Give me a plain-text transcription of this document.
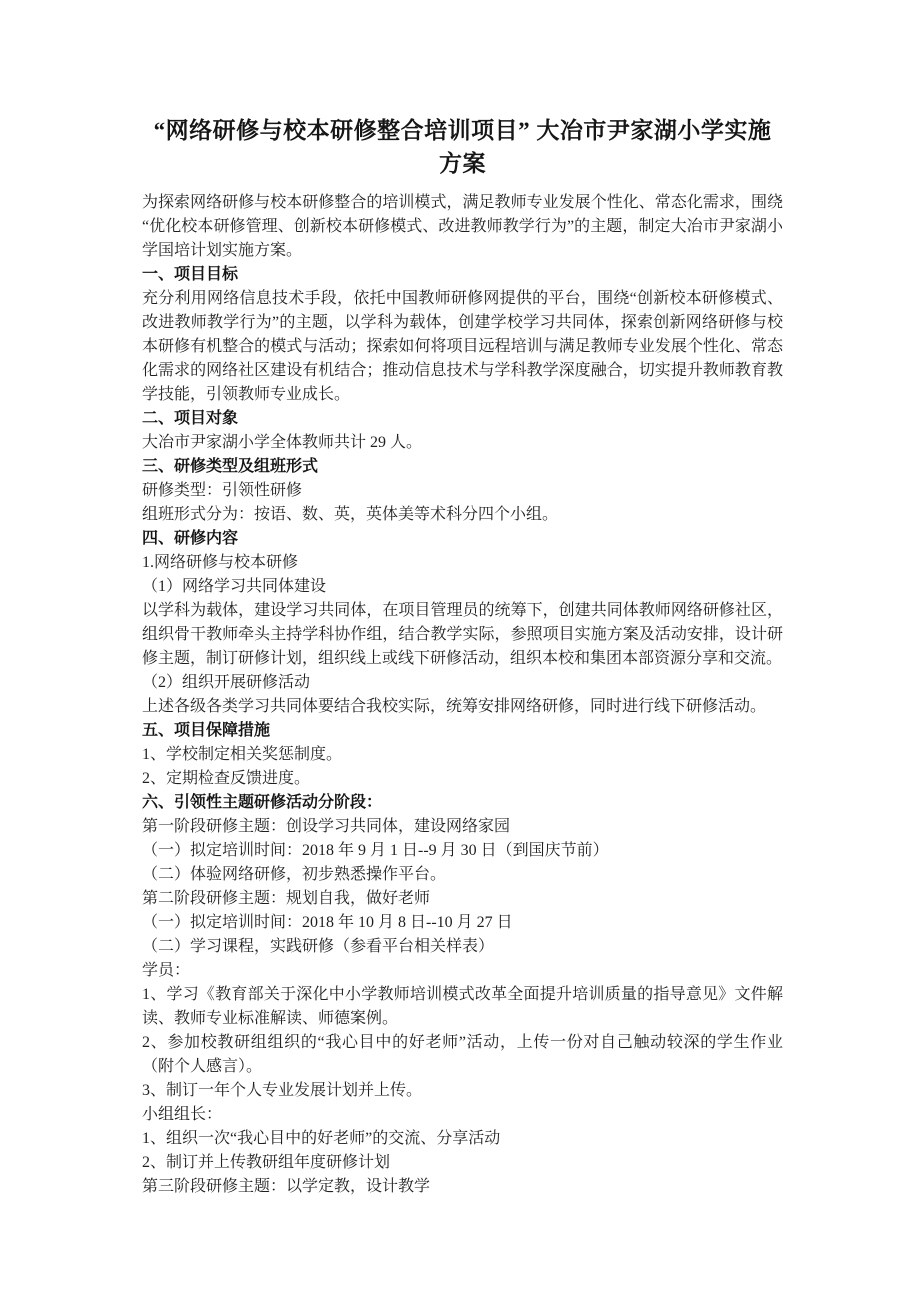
“网络研修与校本研修整合培训项目” 大冶市尹家湖小学实施方案

为探索网络研修与校本研修整合的培训模式，满足教师专业发展个性化、常态化需求，围绕“优化校本研修管理、创新校本研修模式、改进教师教学行为”的主题，制定大冶市尹家湖小学国培计划实施方案。

一、项目目标

充分利用网络信息技术手段，依托中国教师研修网提供的平台，围绕“创新校本研修模式、改进教师教学行为”的主题，以学科为载体，创建学校学习共同体，探索创新网络研修与校本研修有机整合的模式与活动；探索如何将项目远程培训与满足教师专业发展个性化、常态化需求的网络社区建设有机结合；推动信息技术与学科教学深度融合，切实提升教师教育教学技能，引领教师专业成长。

二、项目对象

大冶市尹家湖小学全体教师共计 29 人。

三、研修类型及组班形式

研修类型：引领性研修

组班形式分为：按语、数、英，英体美等术科分四个小组。

四、研修内容

1.网络研修与校本研修

（1）网络学习共同体建设

以学科为载体，建设学习共同体，在项目管理员的统筹下，创建共同体教师网络研修社区，组织骨干教师牵头主持学科协作组，结合教学实际，参照项目实施方案及活动安排，设计研修主题，制订研修计划，组织线上或线下研修活动，组织本校和集团本部资源分享和交流。

（2）组织开展研修活动

上述各级各类学习共同体要结合我校实际，统筹安排网络研修，同时进行线下研修活动。

五、项目保障措施

1、学校制定相关奖惩制度。

2、定期检查反馈进度。

六、引领性主题研修活动分阶段：

第一阶段研修主题：创设学习共同体，建设网络家园

（一）拟定培训时间：2018 年 9 月 1 日--9 月 30 日（到国庆节前）

（二）体验网络研修，初步熟悉操作平台。

第二阶段研修主题：规划自我，做好老师

（一）拟定培训时间：2018 年 10 月 8 日--10 月 27 日

（二）学习课程，实践研修（参看平台相关样表）

学员：

1、学习《教育部关于深化中小学教师培训模式改革全面提升培训质量的指导意见》文件解读、教师专业标准解读、师德案例。

2、参加校教研组组织的“我心目中的好老师”活动，上传一份对自己触动较深的学生作业（附个人感言）。

3、制订一年个人专业发展计划并上传。

小组组长：

1、组织一次“我心目中的好老师”的交流、分享活动

2、制订并上传教研组年度研修计划

第三阶段研修主题：以学定教，设计教学
